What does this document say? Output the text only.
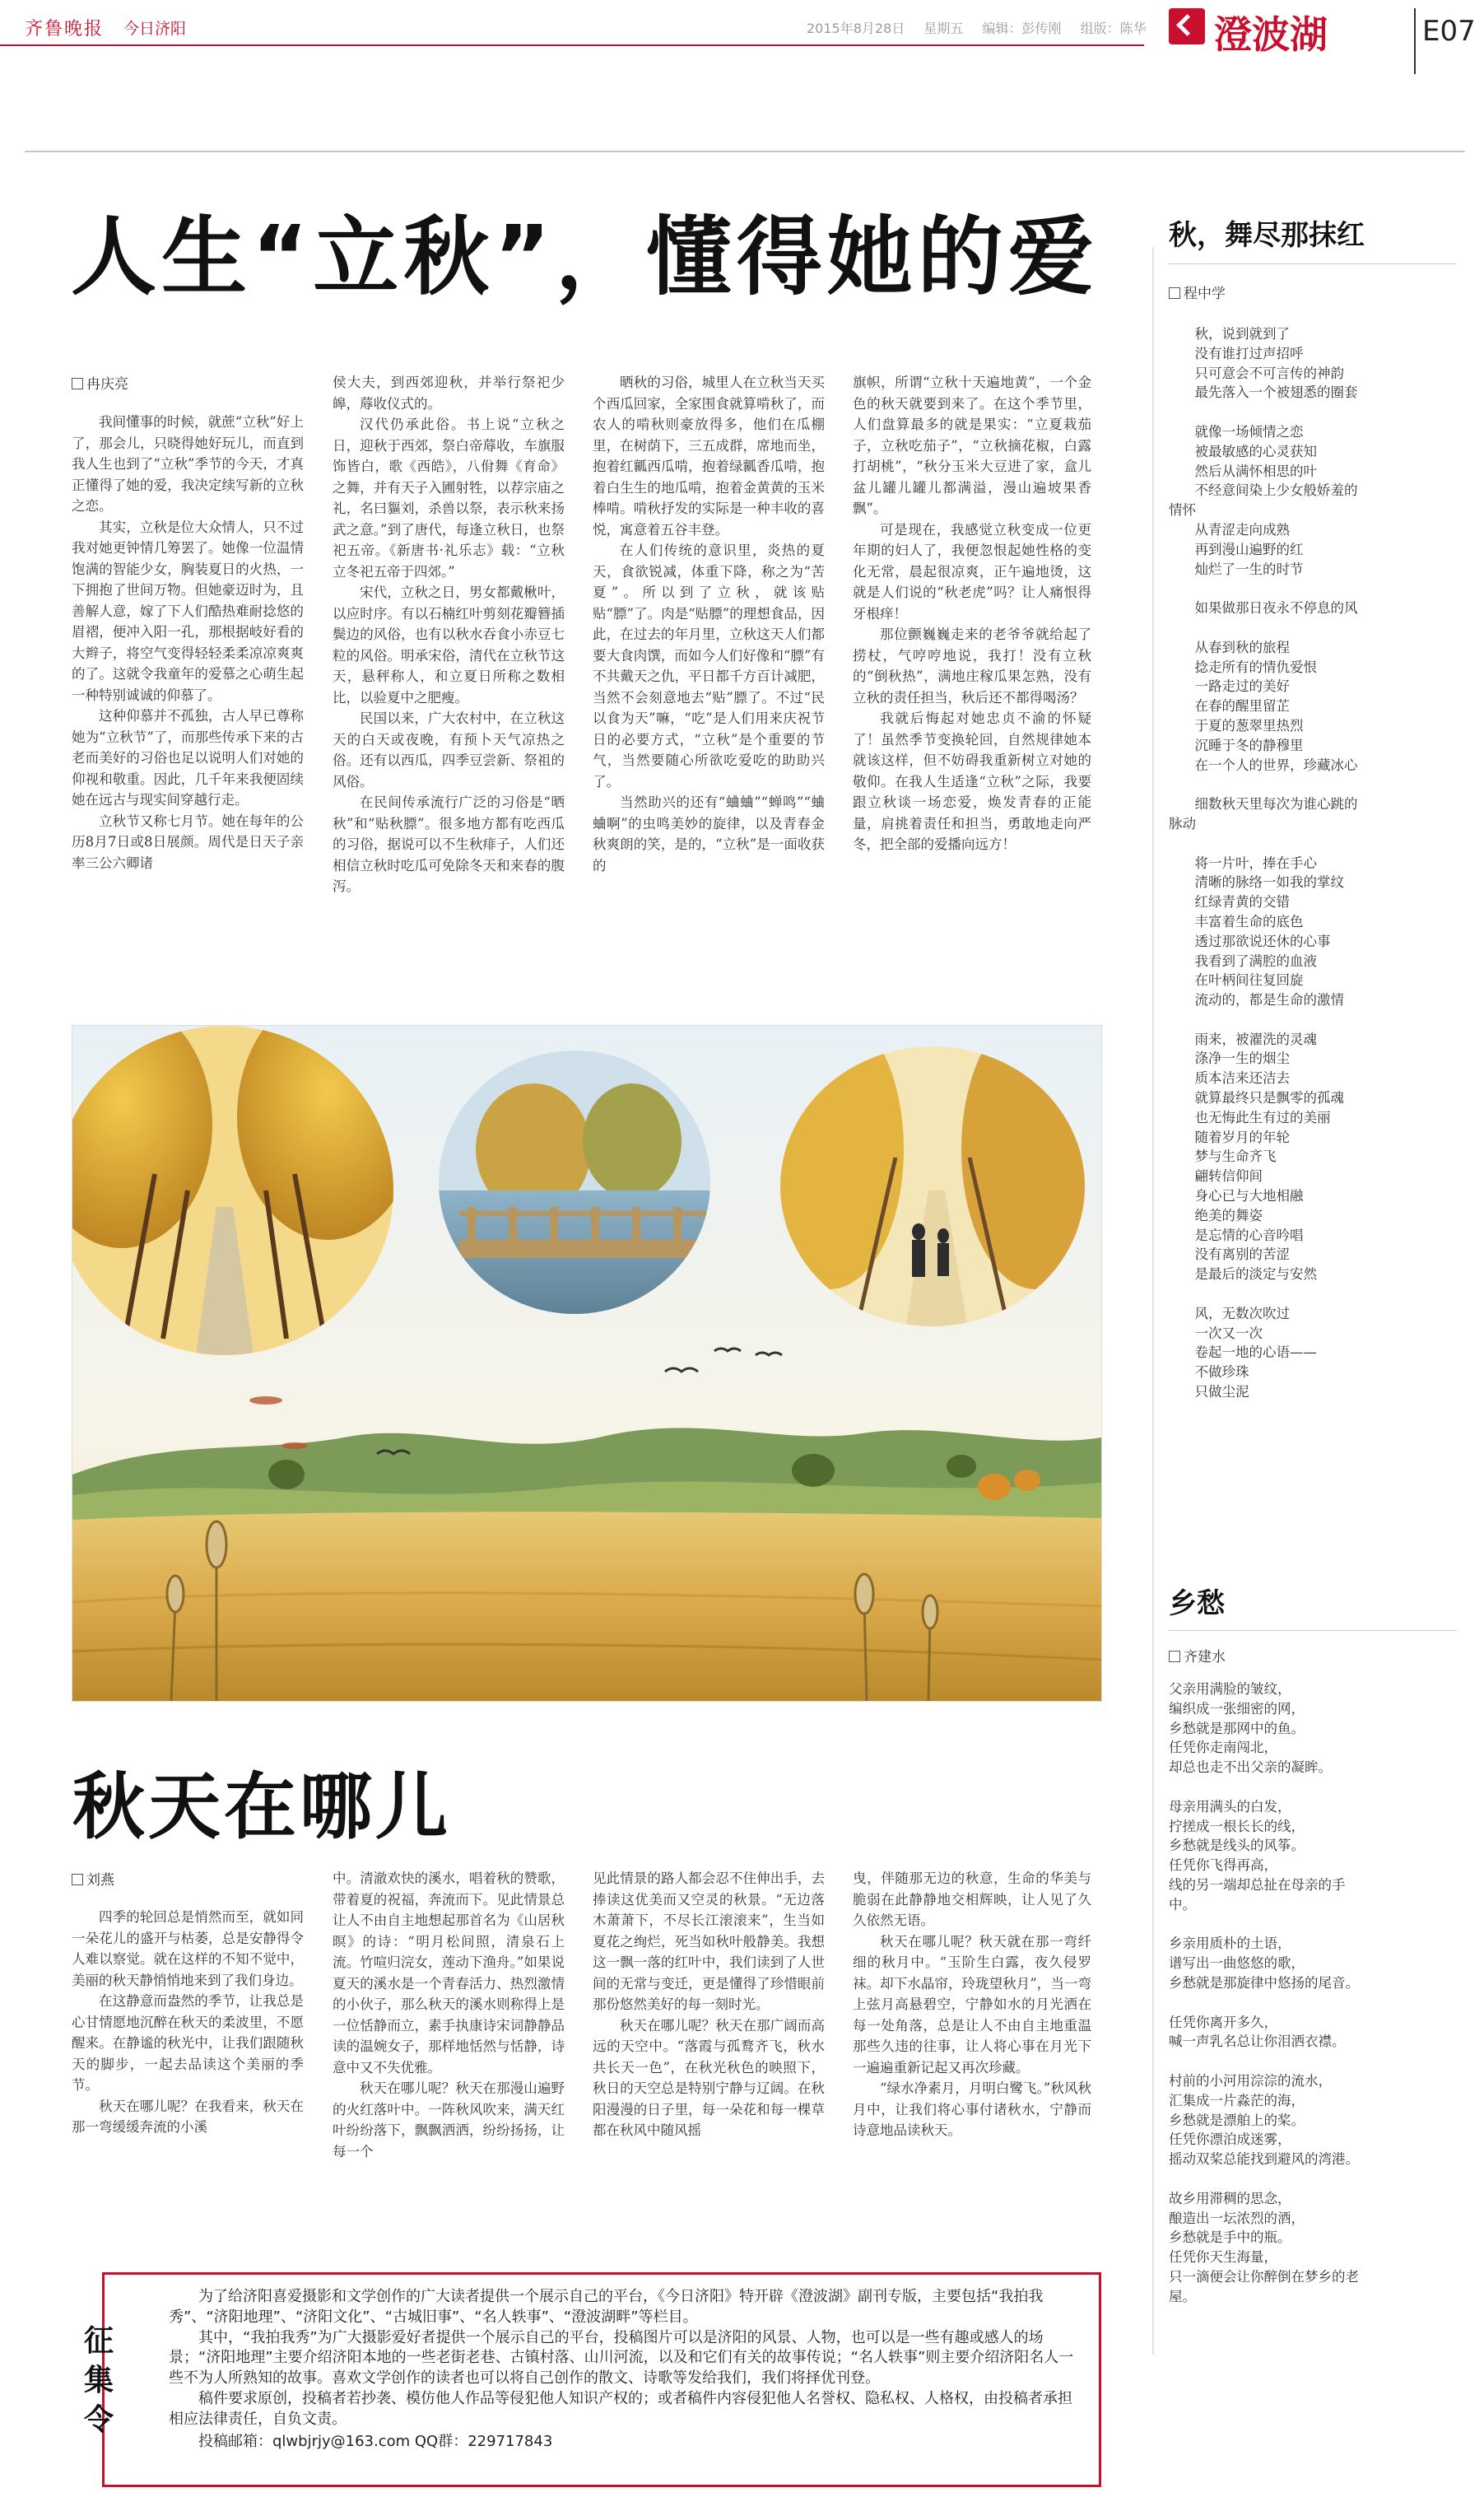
齐鲁晚报 今日济阳	2015年8月28日 星期五 编辑：彭传刚 组版：陈华	澄波湖	E07
人生“立秋”，懂得她的爱
冉庆亮

我间懂事的时候，就蔗“立秋”好上了，那会儿，只晓得她好玩儿，而直到我人生也到了“立秋”季节的今天，才真正懂得了她的爱，我决定续写新的立秋之恋。

其实，立秋是位大众情人，只不过我对她更钟情几筹罢了。她像一位温情饱满的智能少女，胸装夏日的火热，一下拥抱了世间万物。但她豪迈时为，且善解人意，嫁了下人们酷热难耐捻悠的眉褶，便冲入阳一孔，那根据岐好看的大辫子，将空气变得轻轻柔柔凉凉爽爽的了。这就令我童年的爱慕之心萌生起一种特别诚诚的仰慕了。

这种仰慕并不孤独，古人早已尊称她为“立秋节”了，而那些传承下来的古老而美好的习俗也足以说明人们对她的仰视和敬重。因此，几千年来我便固续她在远古与现实间穿越行走。

立秋节又称七月节。她在每年的公历8月7日或8日展颜。周代是日天子亲率三公六卿诸

侯大夫，到西郊迎秋，并举行祭祀少皞，蓐收仪式的。

汉代仍承此俗。书上说“立秋之日，迎秋于西郊，祭白帝蓐收，车旗服饰皆白，歌《西皓》，八佾舞《育命》之舞，并有天子入圃射牲，以荐宗庙之礼，名曰貙刘，杀兽以祭，表示秋来扬武之意。”到了唐代，每逢立秋日，也祭祀五帝。《新唐书·礼乐志》载：“立秋立冬祀五帝于四郊。”

宋代，立秋之日，男女都戴楸叶，以应时序。有以石楠红叶剪刻花瓣簪插鬓边的风俗，也有以秋水吞食小赤豆七粒的风俗。明承宋俗，清代在立秋节这天，悬秤称人，和立夏日所称之数相比，以验夏中之肥瘦。

民国以来，广大农村中，在立秋这天的白天或夜晚，有预卜天气凉热之俗。还有以西瓜，四季豆尝新、祭祖的风俗。

在民间传承流行广泛的习俗是“晒秋”和“贴秋膘”。很多地方都有吃西瓜的习俗，据说可以不生秋痱子，人们还相信立秋时吃瓜可免除冬天和来春的腹泻。

晒秋的习俗，城里人在立秋当天买个西瓜回家，全家围食就算啃秋了，而农人的啃秋则豪放得多，他们在瓜棚里，在树荫下，三五成群，席地而坐，抱着红瓤西瓜啃，抱着绿瓤香瓜啃，抱着白生生的地瓜啃，抱着金黄黄的玉米棒啃。啃秋抒发的实际是一种丰收的喜悦，寓意着五谷丰登。

在人们传统的意识里，炎热的夏天，食欲锐减，体重下降，称之为“苦夏”。所以到了立秋，就该贴贴“膘”了。肉是“贴膘”的理想食品，因此，在过去的年月里，立秋这天人们都要大食肉馔，而如今人们好像和“膘”有不共戴天之仇，平日都千方百计减肥，当然不会刻意地去“贴”膘了。不过“民以食为天”嘛，“吃”是人们用来庆祝节日的必要方式，“立秋”是个重要的节气，当然要随心所欲吃爱吃的助助兴了。

当然助兴的还有“蛐蛐”“蝉鸣”“蛐蛐啊”的虫鸣美妙的旋律，以及青春金秋爽朗的笑，是的，“立秋”是一面收获的

旗帜，所谓“立秋十天遍地黄”，一个金色的秋天就要到来了。在这个季节里，人们盘算最多的就是果实：“立夏栽茄子，立秋吃茄子”，“立秋摘花椒，白露打胡桃”，“秋分玉米大豆进了家，盒儿盆儿罐儿罐儿都满溢，漫山遍坡果香飘”。

可是现在，我感觉立秋变成一位更年期的妇人了，我便忽恨起她性格的变化无常，晨起很凉爽，正午遍地烫，这就是人们说的“秋老虎”吗？让人痛恨得牙根痒！

那位颤巍巍走来的老爷爷就给起了捞杖，气哼哼地说，我打！没有立秋的“倒秋热”，满地庄稼瓜果怎熟，没有立秋的责任担当，秋后还不都得喝汤？

我就后悔起对她忠贞不渝的怀疑了！虽然季节变换轮回，自然规律她本就该这样，但不妨碍我重新树立对她的敬仰。在我人生适逢“立秋”之际，我要跟立秋谈一场恋爱，焕发青春的正能量，肩挑着责任和担当，勇敢地走向严冬，把全部的爱播向远方！

秋天在哪儿
刘燕

四季的轮回总是悄然而至，就如同一朵花儿的盛开与枯萎，总是安静得令人难以察觉。就在这样的不知不觉中，美丽的秋天静悄悄地来到了我们身边。

在这静意而盎然的季节，让我总是心甘情愿地沉醉在秋天的柔波里，不愿醒来。在静谧的秋光中，让我们跟随秋天的脚步，一起去品读这个美丽的季节。

秋天在哪儿呢？在我看来，秋天在那一弯缓缓奔流的小溪

中。清澈欢快的溪水，唱着秋的赞歌，带着夏的祝福，奔流而下。见此情景总让人不由自主地想起那首名为《山居秋暝》的诗：“明月松间照，清泉石上流。竹喧归浣女，莲动下渔舟。”如果说夏天的溪水是一个青春活力、热烈激情的小伙子，那么秋天的溪水则称得上是一位恬静而立，素手执康诗宋词静静品读的温婉女子，那样地恬然与恬静，诗意中又不失优雅。

秋天在哪儿呢？秋天在那漫山遍野的火红落叶中。一阵秋风吹来，满天红叶纷纷落下，飘飘洒洒，纷纷扬扬，让每一个

见此情景的路人都会忍不住伸出手，去捧读这优美而又空灵的秋景。“无边落木萧萧下，不尽长江滚滚来”，生当如夏花之绚烂，死当如秋叶般静美。我想这一飘一落的红叶中，我们读到了人世间的无常与变迁，更是懂得了珍惜眼前那份悠然美好的每一刻时光。

秋天在哪儿呢？秋天在那广阔而高远的天空中。“落霞与孤鹜齐飞，秋水共长天一色”，在秋光秋色的映照下，秋日的天空总是特别宁静与辽阔。在秋阳漫漫的日子里，每一朵花和每一棵草都在秋风中随风摇

曳，伴随那无边的秋意，生命的华美与脆弱在此静静地交相辉映，让人见了久久依然无语。

秋天在哪儿呢？秋天就在那一弯纤细的秋月中。“玉阶生白露，夜久侵罗袜。却下水晶帘，玲珑望秋月”，当一弯上弦月高悬碧空，宁静如水的月光洒在每一处角落，总是让人不由自主地重温那些久违的往事，让人将心事在月光下一遍遍重新记起又再次珍藏。

“绿水净素月，月明白鹭飞。”秋风秋月中，让我们将心事付诸秋水，宁静而诗意地品读秋天。

秋，舞尽那抹红
程中学
秋，说到就到了
没有谁打过声招呼
只可意会不可言传的神韵
最先落入一个被翅悉的圈套

就像一场倾情之恋
被最敏感的心灵获知
然后从满怀相思的叶
不经意间染上少女般娇羞的
情怀
从青涩走向成熟
再到漫山遍野的红
灿烂了一生的时节

如果做那日夜永不停息的风

从春到秋的旅程
捻走所有的情仇爱恨
一路走过的美好
在春的醒里留芷
于夏的葱翠里热烈
沉睡于冬的静穆里
在一个人的世界，珍藏冰心

细数秋天里每次为谁心跳的
脉动

将一片叶，捧在手心
清晰的脉络一如我的掌纹
红绿青黄的交错
丰富着生命的底色
透过那欲说还休的心事
我看到了满腔的血液
在叶柄间往复回旋
流动的，都是生命的激情

雨来，被濯洗的灵魂
涤净一生的烟尘
质本洁来还洁去
就算最终只是飘零的孤魂
也无悔此生有过的美丽
随着岁月的年轮
梦与生命齐飞
翩转信仰间
身心已与大地相融
绝美的舞姿
是忘情的心音吟唱
没有离别的苦涩
是最后的淡定与安然

风，无数次吹过
一次又一次
卷起一地的心语——
不做珍珠
只做尘泥
乡愁
齐建水
父亲用满脸的皱纹，
编织成一张细密的网，
乡愁就是那网中的鱼。
任凭你走南闯北，
却总也走不出父亲的凝眸。

母亲用满头的白发，
拧搓成一根长长的线，
乡愁就是线头的风筝。
任凭你飞得再高，
线的另一端却总扯在母亲的手
中。

乡亲用质朴的土语，
谱写出一曲悠悠的歌，
乡愁就是那旋律中悠扬的尾音。

任凭你离开多久，
喊一声乳名总让你泪洒衣襟。

村前的小河用淙淙的流水，
汇集成一片淼茫的海，
乡愁就是漂舶上的桨。
任凭你漂泊成迷雾，
摇动双桨总能找到避风的湾港。

故乡用滞稠的思念，
酿造出一坛浓烈的酒，
乡愁就是手中的瓶。
任凭你天生海量，
只一滴便会让你醉倒在梦乡的老
屋。
征
集
令

为了给济阳喜爱摄影和文学创作的广大读者提供一个展示自己的平台，《今日济阳》特开辟《澄波湖》副刊专版，主要包括“我拍我秀”、“济阳地理”、“济阳文化”、“古城旧事”、“名人轶事”、“澄波湖畔”等栏目。

其中，“我拍我秀”为广大摄影爱好者提供一个展示自己的平台，投稿图片可以是济阳的风景、人物，也可以是一些有趣或感人的场景；“济阳地理”主要介绍济阳本地的一些老街老巷、古镇村落、山川河流，以及和它们有关的故事传说；“名人轶事”则主要介绍济阳名人一些不为人所熟知的故事。喜欢文学创作的读者也可以将自己创作的散文、诗歌等发给我们，我们将择优刊登。

稿件要求原创，投稿者若抄袭、模仿他人作品等侵犯他人知识产权的；或者稿件内容侵犯他人名誉权、隐私权、人格权，由投稿者承担相应法律责任，自负文责。

投稿邮箱：qlwbjrjy@163.com QQ群：229717843
